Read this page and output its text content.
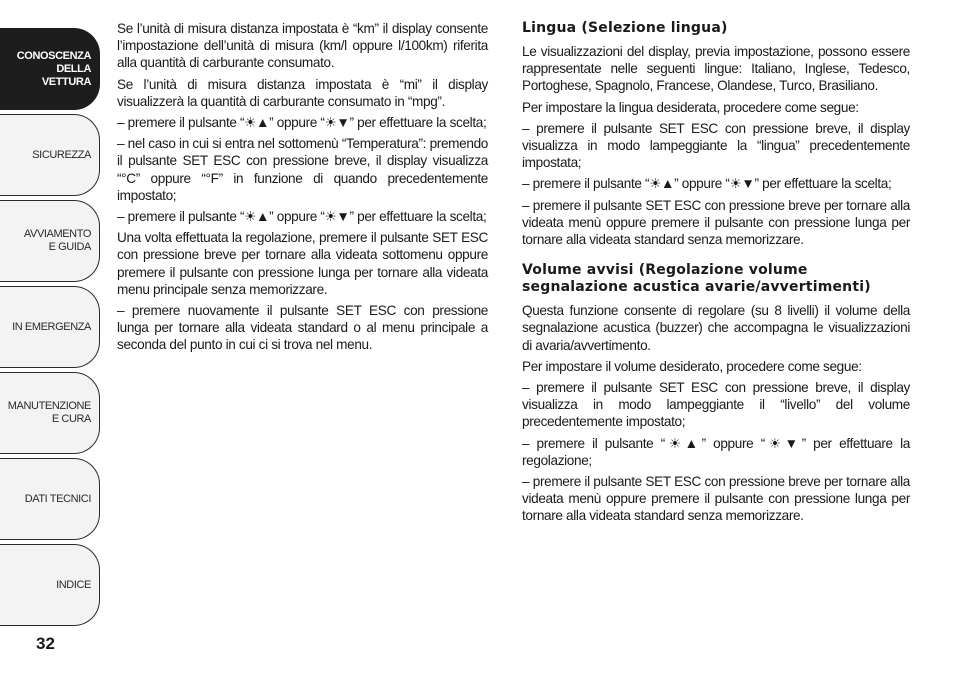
CONOSCENZA
DELLA
VETTURA
SICUREZZA
AVVIAMENTO
E GUIDA
IN EMERGENZA
MANUTENZIONE
E CURA
DATI TECNICI
INDICE
32

Se l’unità di misura distanza impostata è “km” il display consente l’impostazione dell’unità di misura (km/l oppure l/100km) riferita alla quantità di carburante consumato.

Se l’unità di misura distanza impostata è “mi” il display visualizzerà la quantità di carburante consumato in “mpg”.

– premere il pulsante “☀▲” oppure “☀▼” per effettuare la scelta;

– nel caso in cui si entra nel sottomenù “Temperatura”: premendo il pulsante SET ESC con pressione breve, il display visualizza “°C” oppure “°F” in funzione di quando precedentemente impostato;

– premere il pulsante “☀▲” oppure “☀▼” per effettuare la scelta;

Una volta effettuata la regolazione, premere il pulsante SET ESC con pressione breve per tornare alla videata sottomenu oppure premere il pulsante con pressione lunga per tornare alla videata menu principale senza memorizzare.

– premere nuovamente il pulsante SET ESC con pressione lunga per tornare alla videata standard o al menu principale a seconda del punto in cui ci si trova nel menu.

Lingua (Selezione lingua)

Le visualizzazioni del display, previa impostazione, possono essere rappresentate nelle seguenti lingue: Italiano, Inglese, Tedesco, Portoghese, Spagnolo, Francese, Olandese, Turco, Brasiliano.

Per impostare la lingua desiderata, procedere come segue:

– premere il pulsante SET ESC con pressione breve, il display visualizza in modo lampeggiante la “lingua” precedentemente impostata;

– premere il pulsante “☀▲” oppure “☀▼” per effettuare la scelta;

– premere il pulsante SET ESC con pressione breve per tornare alla videata menù oppure premere il pulsante con pressione lunga per tornare alla videata standard senza memorizzare.

Volume avvisi (Regolazione volume segnalazione acustica avarie/avvertimenti)

Questa funzione consente di regolare (su 8 livelli) il volume della segnalazione acustica (buzzer) che accompagna le visualizzazioni di avaria/avvertimento.

Per impostare il volume desiderato, procedere come segue:

– premere il pulsante SET ESC con pressione breve, il display visualizza in modo lampeggiante il “livello” del volume precedentemente impostato;

– premere il pulsante “☀▲” oppure “☀▼” per effettuare la regolazione;

– premere il pulsante SET ESC con pressione breve per tornare alla videata menù oppure premere il pulsante con pressione lunga per tornare alla videata standard senza memorizzare.
